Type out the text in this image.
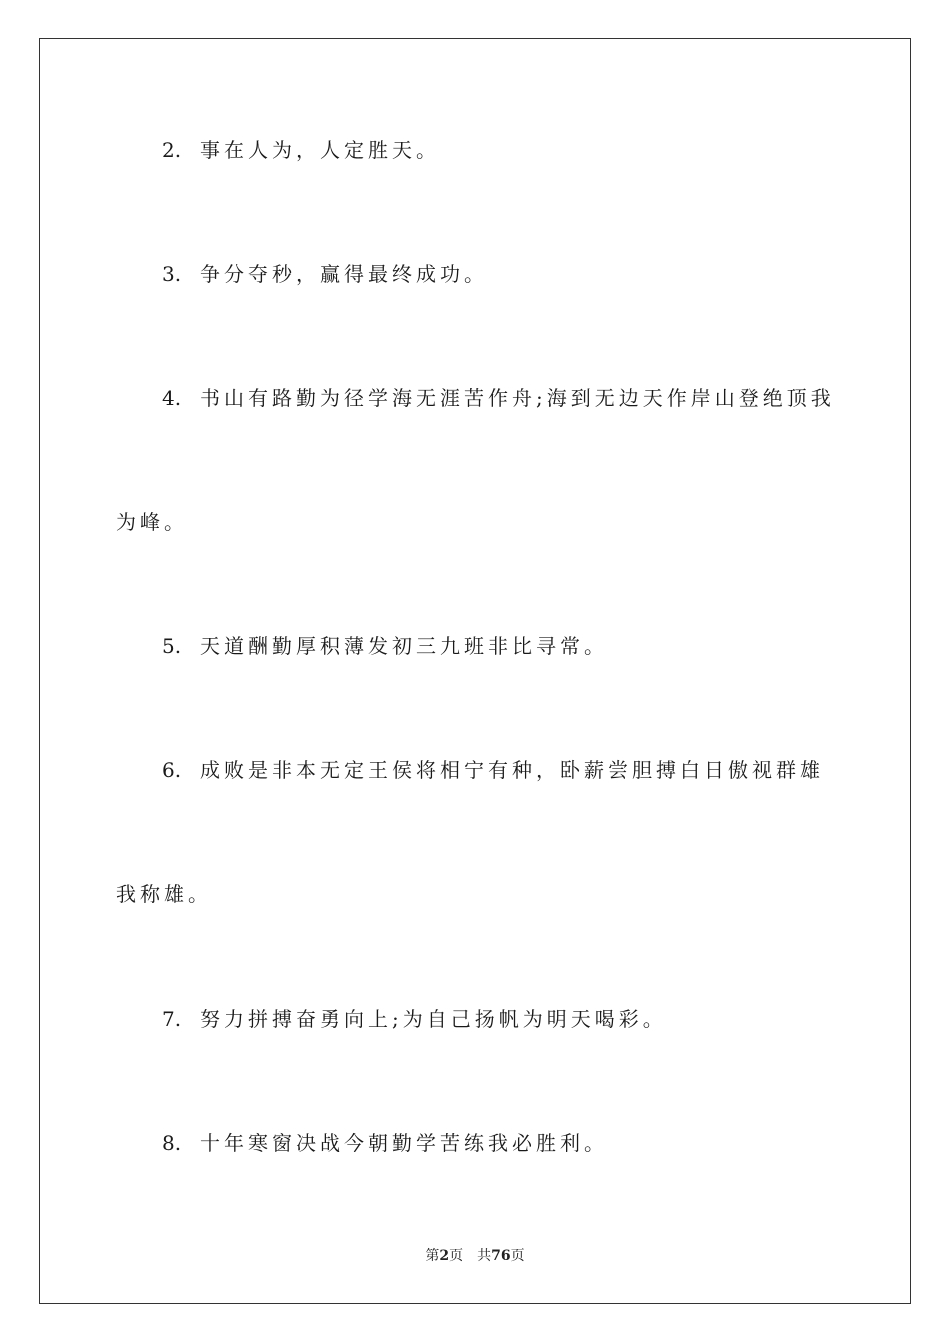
2. 事在人为，人定胜天。
3. 争分夺秒，赢得最终成功。
4. 书山有路勤为径学海无涯苦作舟;海到无边天作岸山登绝顶我
为峰。
5. 天道酬勤厚积薄发初三九班非比寻常。
6. 成败是非本无定王侯将相宁有种，卧薪尝胆搏白日傲视群雄
我称雄。
7. 努力拼搏奋勇向上;为自己扬帆为明天喝彩。
8. 十年寒窗决战今朝勤学苦练我必胜利。
第2页 共76页
